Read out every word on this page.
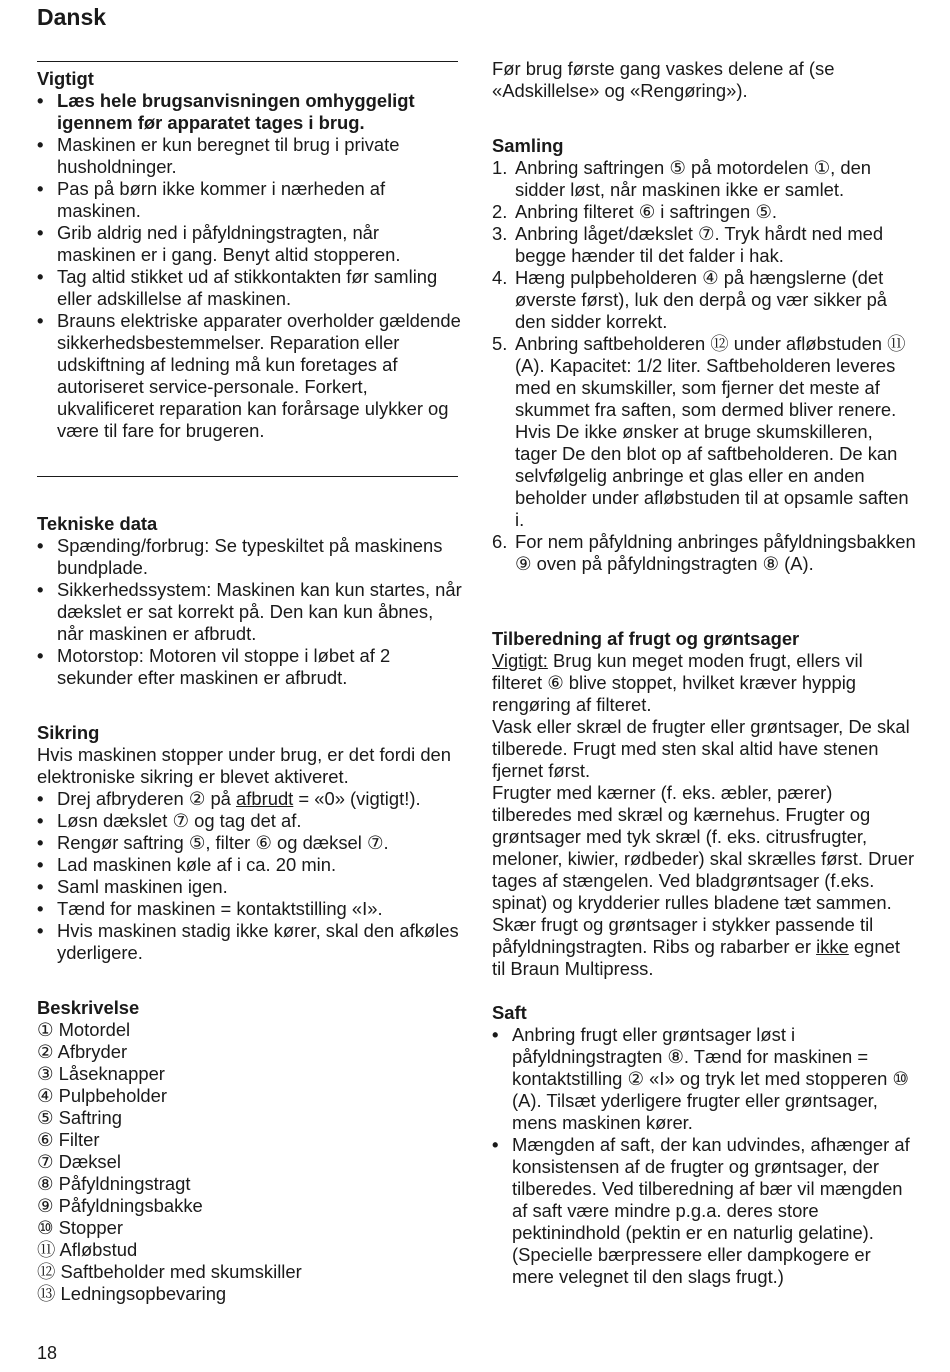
Dansk

Vigtigt

• Læs hele brugsanvisningen omhyggeligt igennem før apparatet tages i brug.
• Maskinen er kun beregnet til brug i private husholdninger.
• Pas på børn ikke kommer i nærheden af maskinen.
• Grib aldrig ned i påfyldningstragten, når maskinen er i gang. Benyt altid stopperen.
• Tag altid stikket ud af stikkontakten før samling eller adskillelse af maskinen.
• Brauns elektriske apparater overholder gældende sikkerhedsbestemmelser. Reparation eller udskiftning af ledning må kun foretages af autoriseret service-personale. Forkert, ukvalificeret reparation kan forårsage ulykker og være til fare for brugeren.

Tekniske data

• Spænding/forbrug: Se typeskiltet på maskinens bundplade.
• Sikkerhedssystem: Maskinen kan kun startes, når dækslet er sat korrekt på. Den kan kun åbnes, når maskinen er afbrudt.
• Motorstop: Motoren vil stoppe i løbet af 2 sekunder efter maskinen er afbrudt.

Sikring

Hvis maskinen stopper under brug, er det fordi den elektroniske sikring er blevet aktiveret.

• Drej afbryderen ② på afbrudt = «0» (vigtigt!).
• Løsn dækslet ⑦ og tag det af.
• Rengør saftring ⑤, filter ⑥ og dæksel ⑦.
• Lad maskinen køle af i ca. 20 min.
• Saml maskinen igen.
• Tænd for maskinen = kontaktstilling «I».
• Hvis maskinen stadig ikke kører, skal den afkøles yderligere.

Beskrivelse

① Motordel
② Afbryder
③ Låseknapper
④ Pulpbeholder
⑤ Saftring
⑥ Filter
⑦ Dæksel
⑧ Påfyldningstragt
⑨ Påfyldningsbakke
⑩ Stopper
⑪ Afløbstud
⑫ Saftbeholder med skumskiller
⑬ Ledningsopbevaring

Før brug første gang vaskes delene af (se «Adskillelse» og «Rengøring»).

Samling

1. Anbring saftringen ⑤ på motordelen ①, den sidder løst, når maskinen ikke er samlet.
2. Anbring filteret ⑥ i saftringen ⑤.
3. Anbring låget/dækslet ⑦. Tryk hårdt ned med begge hænder til det falder i hak.
4. Hæng pulpbeholderen ④ på hængslerne (det øverste først), luk den derpå og vær sikker på den sidder korrekt.
5. Anbring saftbeholderen ⑫ under afløbstuden ⑪ (A). Kapacitet: 1/2 liter. Saftbeholderen leveres med en skumskiller, som fjerner det meste af skummet fra saften, som dermed bliver renere. Hvis De ikke ønsker at bruge skumskilleren, tager De den blot op af saftbeholderen. De kan selvfølgelig anbringe et glas eller en anden beholder under afløbstuden til at opsamle saften i.
6. For nem påfyldning anbringes påfyldningsbakken ⑨ oven på påfyldningstragten ⑧ (A).

Tilberedning af frugt og grøntsager

Vigtigt: Brug kun meget moden frugt, ellers vil filteret ⑥ blive stoppet, hvilket kræver hyppig rengøring af filteret.

Vask eller skræl de frugter eller grøntsager, De skal tilberede. Frugt med sten skal altid have stenen fjernet først.

Frugter med kærner (f. eks. æbler, pærer) tilberedes med skræl og kærnehus. Frugter og grøntsager med tyk skræl (f. eks. citrusfrugter, meloner, kiwier, rødbeder) skal skrælles først. Druer tages af stængelen. Ved bladgrøntsager (f.eks. spinat) og krydderier rulles bladene tæt sammen. Skær frugt og grøntsager i stykker passende til påfyldningstragten. Ribs og rabarber er ikke egnet til Braun Multipress.

Saft

• Anbring frugt eller grøntsager løst i påfyldningstragten ⑧. Tænd for maskinen = kontaktstilling ② «I» og tryk let med stopperen ⑩ (A). Tilsæt yderligere frugter eller grøntsager, mens maskinen kører.
• Mængden af saft, der kan udvindes, afhænger af konsistensen af de frugter og grøntsager, der tilberedes. Ved tilberedning af bær vil mængden af saft være mindre p.g.a. deres store pektinindhold (pektin er en naturlig gelatine). (Specielle bærpressere eller dampkogere er mere velegnet til den slags frugt.)

18
